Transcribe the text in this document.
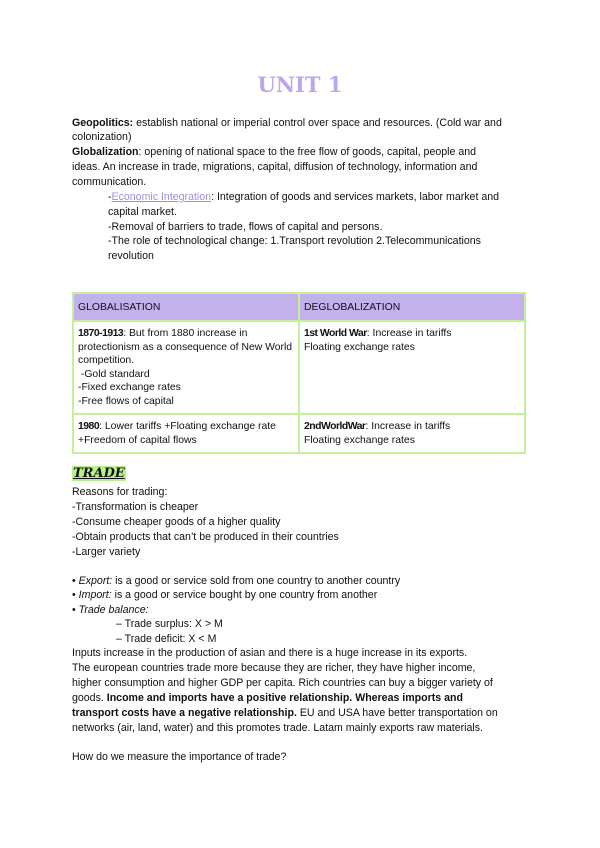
UNIT 1
Geopolitics: establish national or imperial control over space and resources. (Cold war and
colonization)
Globalization: opening of national space to the free flow of goods, capital, people and
ideas. An increase in trade, migrations, capital, diffusion of technology, information and
communication.
-Economic Integration: Integration of goods and services markets, labor market and
capital market.
-Removal of barriers to trade, flows of capital and persons.
-The role of technological change: 1.Transport revolution 2.Telecommunications
revolution
GLOBALISATION	DEGLOBALIZATION
1870-1913: But from 1880 increase in protectionism as a consequence of New World competition.
-Gold standard
-Fixed exchange rates
-Free flows of capital	1st World War: Increase in tariffs
Floating exchange rates
1980: Lower tariffs +Floating exchange rate +Freedom of capital flows	2ndWorldWar: Increase in tariffs
Floating exchange rates
TRADE
Reasons for trading:
-Transformation is cheaper
-Consume cheaper goods of a higher quality
-Obtain products that can’t be produced in their countries
-Larger variety
• Export: is a good or service sold from one country to another country
• Import: is a good or service bought by one country from another
• Trade balance:
– Trade surplus: X > M
– Trade deficit: X < M
Inputs increase in the production of asian and there is a huge increase in its exports.
The european countries trade more because they are richer, they have higher income,
higher consumption and higher GDP per capita. Rich countries can buy a bigger variety of
goods. Income and imports have a positive relationship. Whereas imports and
transport costs have a negative relationship. EU and USA have better transportation on
networks (air, land, water) and this promotes trade. Latam mainly exports raw materials.
How do we measure the importance of trade?
